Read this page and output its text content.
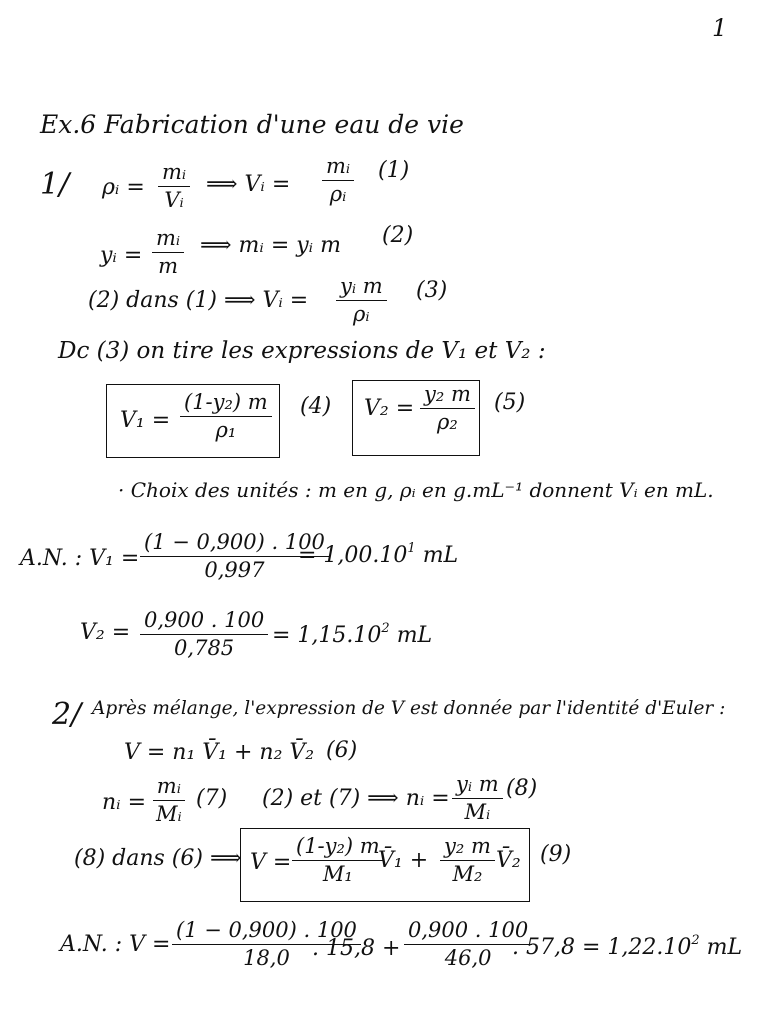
1
Ex.6 Fabrication d'une eau de vie
1/ ρᵢ = $\frac{\text{mᵢ}}{\text{Vᵢ}}$ ⟹ Vᵢ = $\frac{\text{mᵢ}}{\text{ρᵢ}} (1)$
yᵢ = $\frac{\text{mᵢ}}{m}$ ⟹ mᵢ = yᵢ m (2)
(2) dans (1) ⟹ Vᵢ = $\frac{\text{yᵢ m}}{\text{ρᵢ}} (3)$
Dc (3) on tire les expressions de V₁ et V₂ :
$V_1 = \frac{\text{(1-y₂) m}}{\text{ρ₁}} (4) V_2 = \frac{\text{y₂ m}}{\text{ρ₂}} (5)$
· Choix des unités : m en g, ρᵢ en g.mL⁻¹ donnent Vᵢ en mL.
A.N. : $V_1 = \frac{(1 - 0,900) . 100}{0,997}$
= $1,00.10^1$ mL
$V_2 = \frac{0,900 . 100}{0,785} = 1,15.10^2$ mL
2/ Après mélange, l'expression de V est donnée par l'identité d'Euler :
V = n₁ V̄₁ + n₂ V̄₂ (6)
nᵢ = $\frac{\text{mᵢ}}{\text{Mᵢ}} (7)$ (2) et (7) ⟹ nᵢ = $\frac{\text{yᵢ m}}{\text{Mᵢ}} (8)$
(8) dans (6) ⟹ $V = \frac{\text{(1-y₂) m}}{\text{M₁}}$
V̄₁ + $\frac{\text{y₂ m}}{\text{M₂}}$ V̄₂ (9)
A.N. : $V = \frac{(1 - 0,900) . 100}{18,0}$
. $15,8 + \frac{0,900 . 100}{46,0}$
. $57,8 = 1,22.10^2$ mL
